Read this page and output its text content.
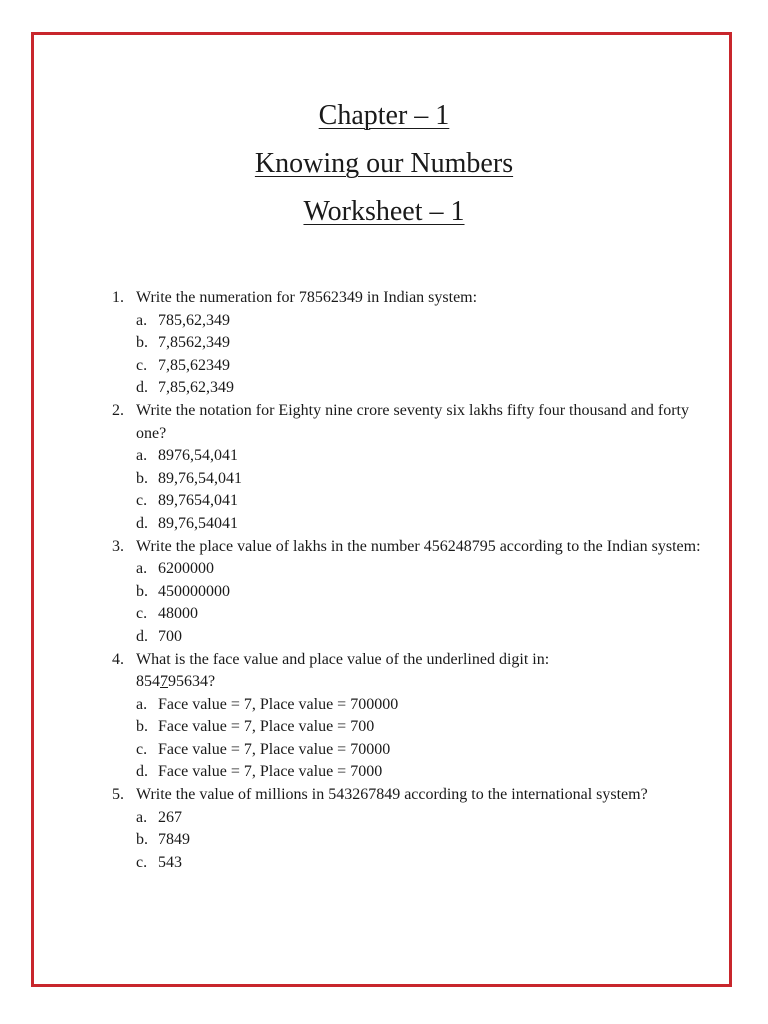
Chapter – 1
Knowing our Numbers
Worksheet – 1
1. Write the numeration for 78562349 in Indian system:
a. 785,62,349
b. 7,8562,349
c. 7,85,62349
d. 7,85,62,349
2. Write the notation for Eighty nine crore seventy six lakhs fifty four thousand and forty one?
a. 8976,54,041
b. 89,76,54,041
c. 89,7654,041
d. 89,76,54041
3. Write the place value of lakhs in the number 456248795 according to the Indian system:
a. 6200000
b. 450000000
c. 48000
d. 700
4. What is the face value and place value of the underlined digit in:
854795634?
a. Face value = 7, Place value = 700000
b. Face value = 7, Place value = 700
c. Face value = 7, Place value = 70000
d. Face value = 7, Place value = 7000
5. Write the value of millions in 543267849 according to the international system?
a. 267
b. 7849
c. 543
